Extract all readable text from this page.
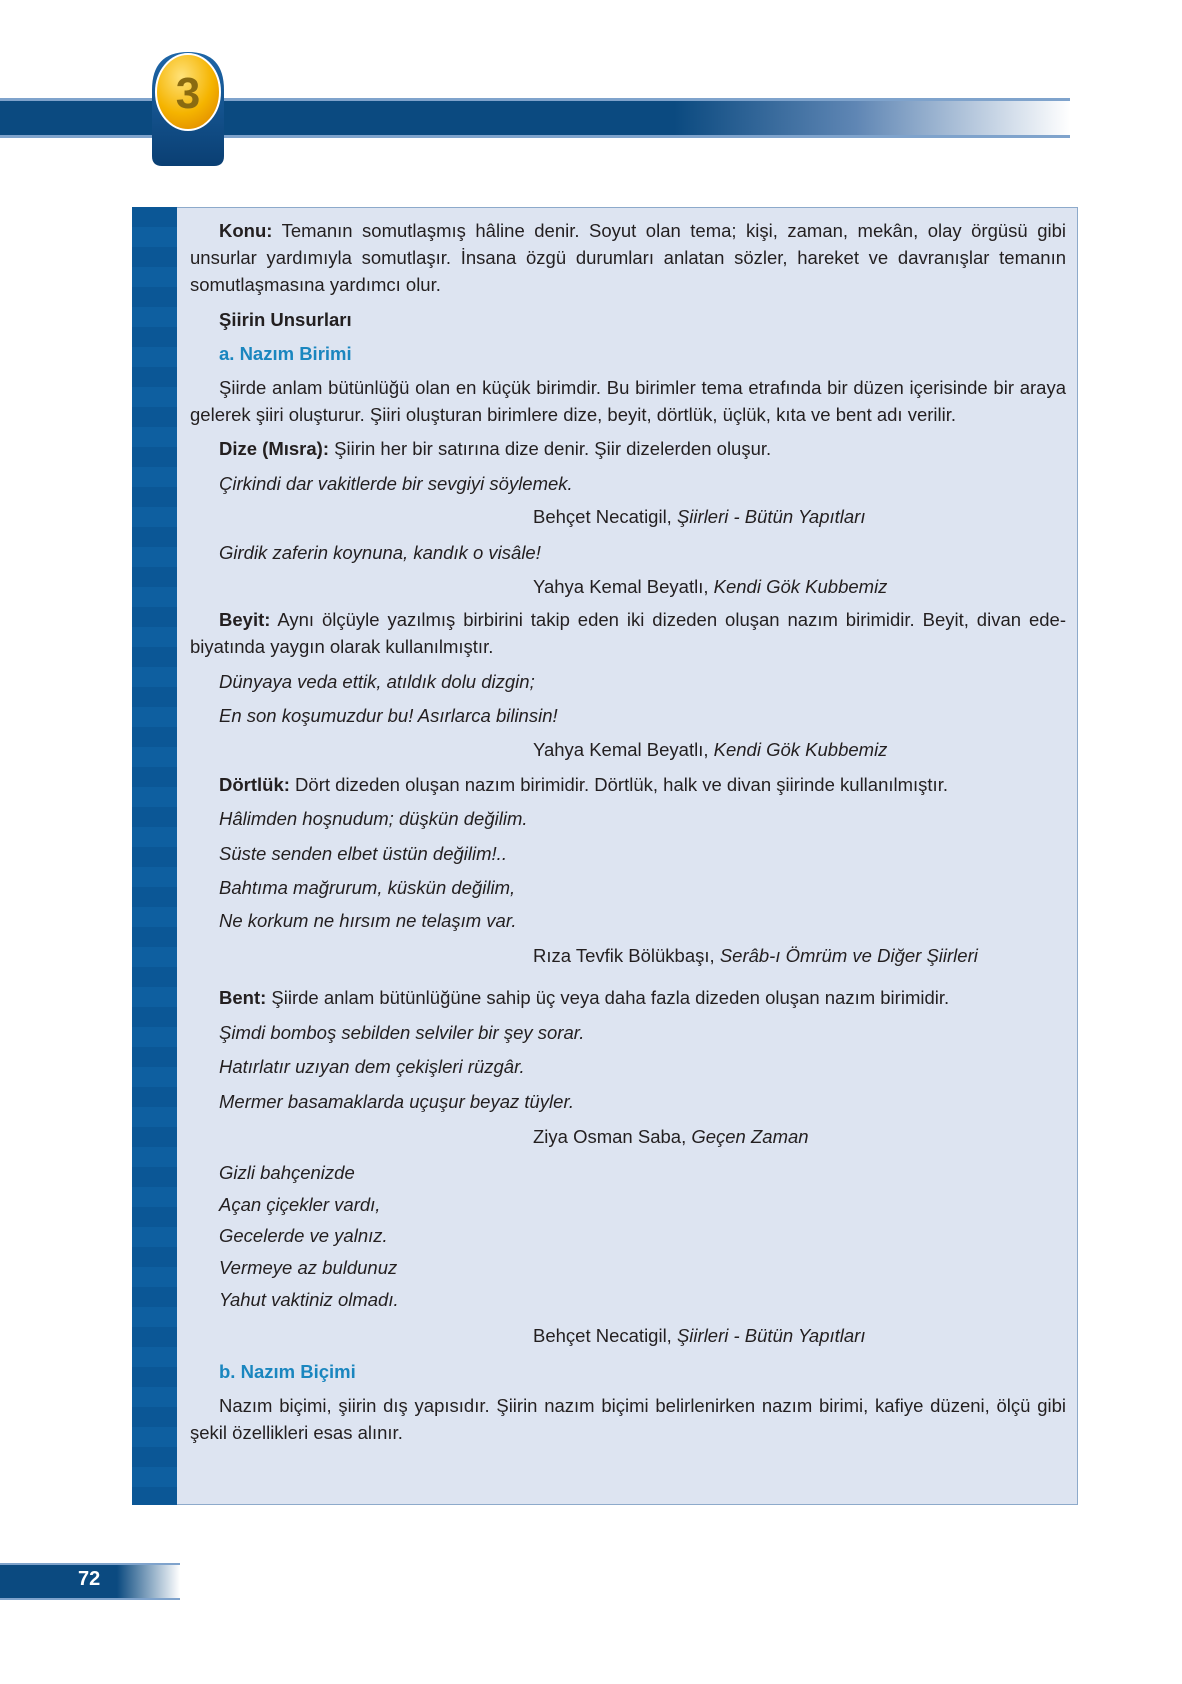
3

Konu: Temanın somutlaşmış hâline denir. Soyut olan tema; kişi, zaman, mekân, olay örgüsü gibi unsurlar yardımıyla somutlaşır. İnsana özgü durumları anlatan sözler, hareket ve davranışlar temanın somutlaşmasına yardımcı olur.

Şiirin Unsurları
a. Nazım Birimi

Şiirde anlam bütünlüğü olan en küçük birimdir. Bu birimler tema etrafında bir düzen içerisinde bir araya gelerek şiiri oluşturur. Şiiri oluşturan birimlere dize, beyit, dörtlük, üçlük, kıta ve bent adı verilir.

Dize (Mısra): Şiirin her bir satırına dize denir. Şiir dizelerden oluşur.

Çirkindi dar vakitlerde bir sevgiyi söylemek.
Behçet Necatigil, Şiirleri - Bütün Yapıtları
Girdik zaferin koynuna, kandık o visâle!
Yahya Kemal Beyatlı, Kendi Gök Kubbemiz

Beyit: Aynı ölçüyle yazılmış birbirini takip eden iki dizeden oluşan nazım birimidir. Beyit, divan ede-biyatında yaygın olarak kullanılmıştır.

Dünyaya veda ettik, atıldık dolu dizgin;
En son koşumuzdur bu! Asırlarca bilinsin!
Yahya Kemal Beyatlı, Kendi Gök Kubbemiz

Dörtlük: Dört dizeden oluşan nazım birimidir. Dörtlük, halk ve divan şiirinde kullanılmıştır.

Hâlimden hoşnudum; düşkün değilim.
Süste senden elbet üstün değilim!..
Bahtıma mağrurum, küskün değilim,
Ne korkum ne hırsım ne telaşım var.
Rıza Tevfik Bölükbaşı, Serâb-ı Ömrüm ve Diğer Şiirleri

Bent: Şiirde anlam bütünlüğüne sahip üç veya daha fazla dizeden oluşan nazım birimidir.

Şimdi bomboş sebilden selviler bir şey sorar.
Hatırlatır uzıyan dem çekişleri rüzgâr.
Mermer basamaklarda uçuşur beyaz tüyler.
Ziya Osman Saba, Geçen Zaman
Gizli bahçenizde
Açan çiçekler vardı,
Gecelerde ve yalnız.
Vermeye az buldunuz
Yahut vaktiniz olmadı.
Behçet Necatigil, Şiirleri - Bütün Yapıtları
b. Nazım Biçimi

Nazım biçimi, şiirin dış yapısıdır. Şiirin nazım biçimi belirlenirken nazım birimi, kafiye düzeni, ölçü gibi şekil özellikleri esas alınır.

72
